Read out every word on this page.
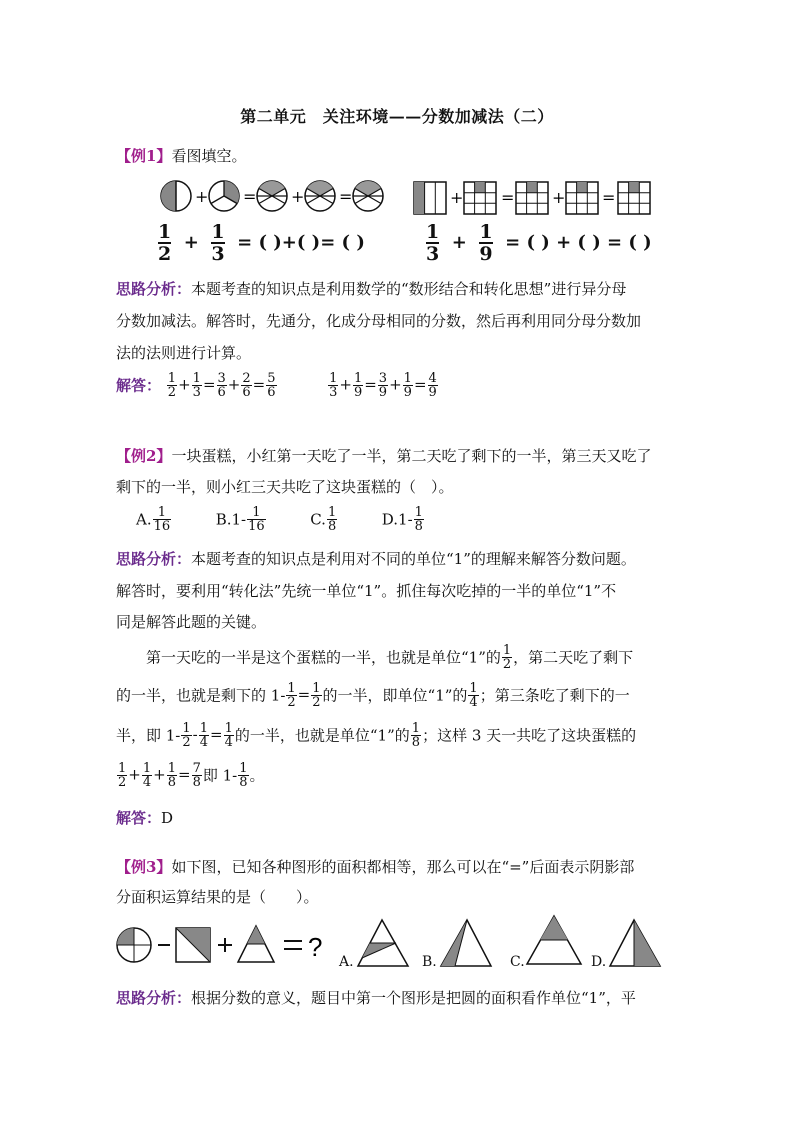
第二单元　关注环境——分数加减法（二）
【例1】看图填空。
+ = + =	+ = + =
$\frac{1}{2} + \frac{1}{3}$ = ( )+( )= ( )	$\frac{1}{3} + \frac{1}{9}$ = ( ) + ( ) = ( )
思路分析：本题考查的知识点是利用数学的“数形结合和转化思想”进行异分母
分数加减法。解答时，先通分，化成分母相同的分数，然后再利用同分母分数加
法的法则进行计算。
解答： $\frac{1}{2} + \frac{1}{3} = \frac{3}{6} + \frac{2}{6} = \frac{5}{6}$
	$\frac{1}{3} + \frac{1}{9} = \frac{3}{9} + \frac{1}{9} = \frac{4}{9}$
【例2】一块蛋糕，小红第一天吃了一半，第二天吃了剩下的一半，第三天又吃了
剩下的一半，则小红三天共吃了这块蛋糕的（　）。
A. $\frac{1}{16}$	$B.1- \frac{1}{16}$	C. $\frac{1}{8}$	$D.1- \frac{1}{8}$
思路分析：本题考查的知识点是利用对不同的单位“1”的理解来解答分数问题。
解答时，要利用“转化法”先统一单位“1”。抓住每次吃掉的一半的单位“1”不
同是解答此题的关键。
第一天吃的一半是这个蛋糕的一半，也就是单位“1”的 $\frac{1}{2}$ ，第二天吃了剩下
的一半，也就是剩下的 $1- \frac{1}{2} = \frac{1}{2}$ 的一半，即单位“1”的 $\frac{1}{4}$ ；第三条吃了剩下的一
半，即 $1- \frac{1}{2} - \frac{1}{4} = \frac{1}{4}$ 的一半，也就是单位“1”的 $\frac{1}{8}$ ；这样 3 天一共吃了这块蛋糕的
$\frac{1}{2} + \frac{1}{4} + \frac{1}{8} = \frac{7}{8}$ 即 $1- \frac{1}{8}$ 。
解答：D
【例3】如下图，已知各种图形的面积都相等，那么可以在“=”后面表示阴影部
分面积运算结果的是（　　）。
? A.	B.	C.	D.
思路分析：根据分数的意义，题目中第一个图形是把圆的面积看作单位“1”，平
